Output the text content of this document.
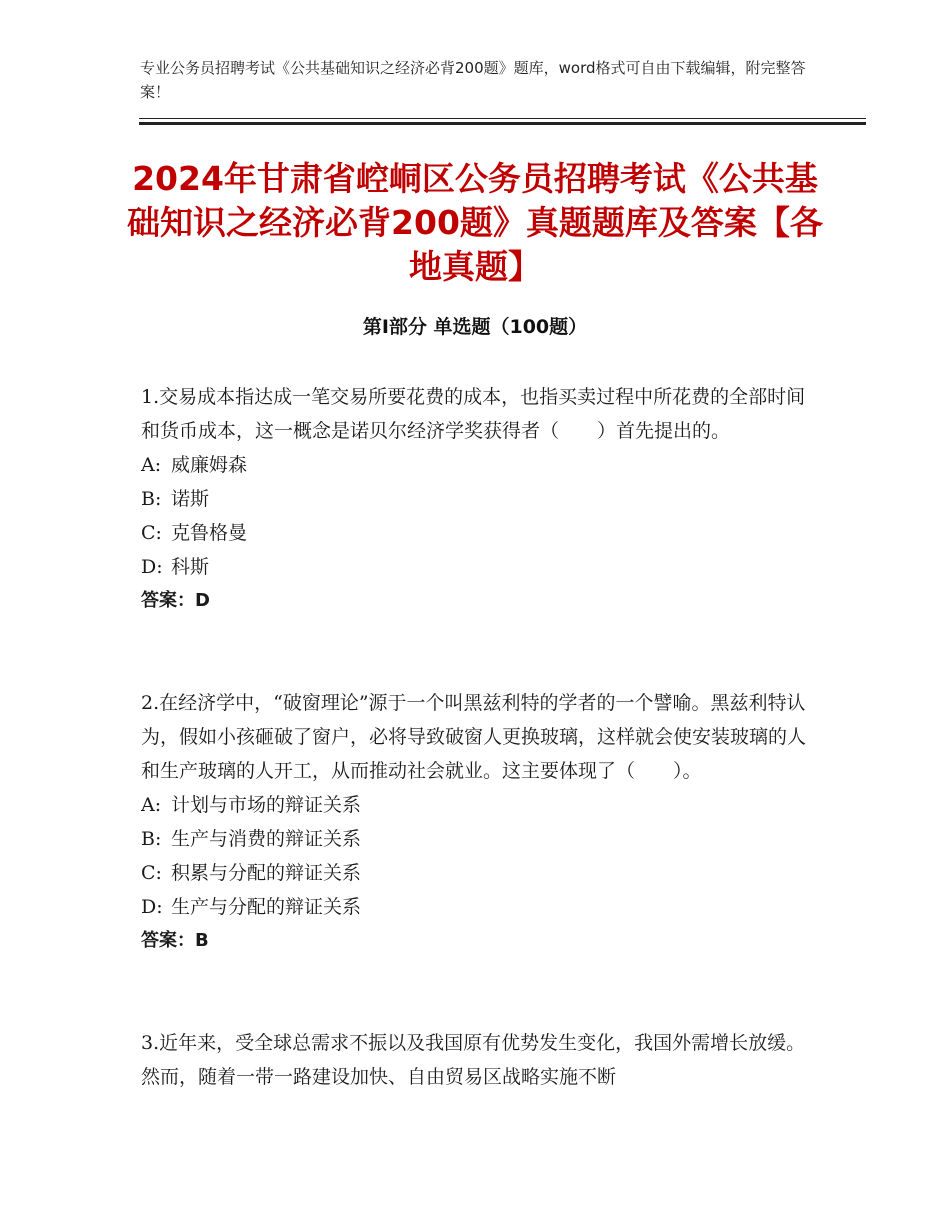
专业公务员招聘考试《公共基础知识之经济必背200题》题库，word格式可自由下载编辑，附完整答案！
2024年甘肃省崆峒区公务员招聘考试《公共基础知识之经济必背200题》真题题库及答案【各地真题】
第I部分 单选题（100题）

1.交易成本指达成一笔交易所要花费的成本，也指买卖过程中所花费的全部时间和货币成本，这一概念是诺贝尔经济学奖获得者（　　）首先提出的。

A: 威廉姆森

B: 诺斯

C: 克鲁格曼

D: 科斯

答案：D

2.在经济学中，“破窗理论”源于一个叫黑兹利特的学者的一个譬喻。黑兹利特认为，假如小孩砸破了窗户，必将导致破窗人更换玻璃，这样就会使安装玻璃的人和生产玻璃的人开工，从而推动社会就业。这主要体现了（　　）。

A: 计划与市场的辩证关系

B: 生产与消费的辩证关系

C: 积累与分配的辩证关系

D: 生产与分配的辩证关系

答案：B

3.近年来，受全球总需求不振以及我国原有优势发生变化，我国外需增长放缓。然而，随着一带一路建设加快、自由贸易区战略实施不断
